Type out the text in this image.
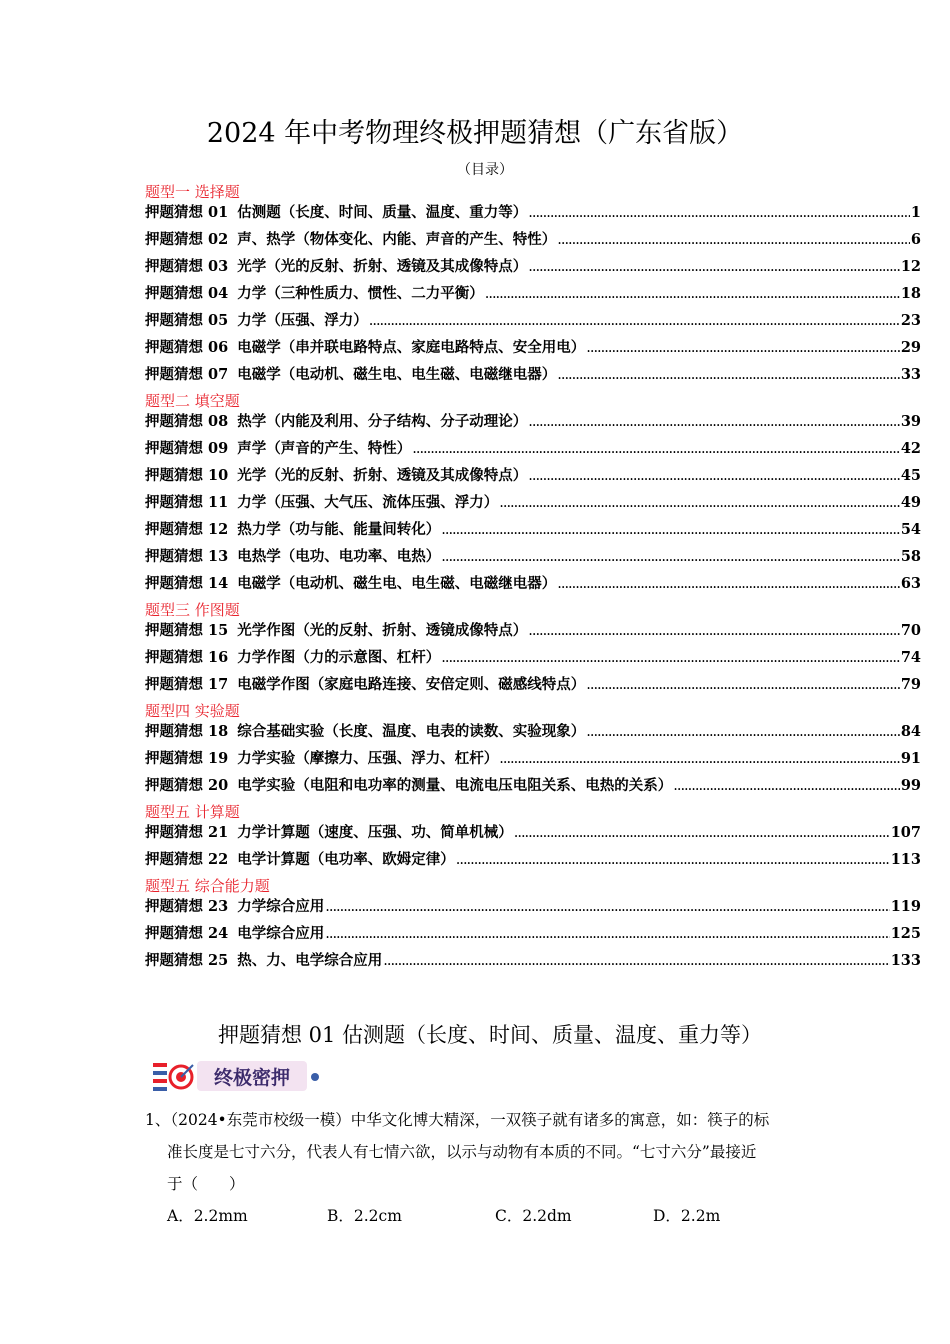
2024 年中考物理终极押题猜想（广东省版）
（目录）
题型一 选择题
押题猜想 01 估测题（长度、时间、质量、温度、重力等） .....	1
押题猜想 02 声、热学（物体变化、内能、声音的产生、特性） .....	6
押题猜想 03 光学（光的反射、折射、透镜及其成像特点） .....	12
押题猜想 04 力学（三种性质力、惯性、二力平衡） .....	18
押题猜想 05 力学（压强、浮力） .....	23
押题猜想 06 电磁学（串并联电路特点、家庭电路特点、安全用电） .....	29
押题猜想 07 电磁学（电动机、磁生电、电生磁、电磁继电器） .....	33
题型二 填空题
押题猜想 08 热学（内能及利用、分子结构、分子动理论） .....	39
押题猜想 09 声学（声音的产生、特性） .....	42
押题猜想 10 光学（光的反射、折射、透镜及其成像特点） .....	45
押题猜想 11 力学（压强、大气压、流体压强、浮力） .....	49
押题猜想 12 热力学（功与能、能量间转化） .....	54
押题猜想 13 电热学（电功、电功率、电热） .....	58
押题猜想 14 电磁学（电动机、磁生电、电生磁、电磁继电器） .....	63
题型三 作图题
押题猜想 15 光学作图（光的反射、折射、透镜成像特点） .....	70
押题猜想 16 力学作图（力的示意图、杠杆） .....	74
押题猜想 17 电磁学作图（家庭电路连接、安倍定则、磁感线特点） .....	79
题型四 实验题
押题猜想 18 综合基础实验（长度、温度、电表的读数、实验现象） .....	84
押题猜想 19 力学实验（摩擦力、压强、浮力、杠杆） .....	91
押题猜想 20 电学实验（电阻和电功率的测量、电流电压电阻关系、电热的关系） .....	99
题型五 计算题
押题猜想 21 力学计算题（速度、压强、功、简单机械） .....	107
押题猜想 22 电学计算题（电功率、欧姆定律） .....	113
题型五 综合能力题
押题猜想 23 力学综合应用 .....	119
押题猜想 24 电学综合应用 .....	125
押题猜想 25 热、力、电学综合应用 .....	133
押题猜想 01 估测题（长度、时间、质量、温度、重力等）
终极密押
1、（2024•东莞市校级一模）中华文化博大精深，一双筷子就有诸多的寓意，如：筷子的标
准长度是七寸六分，代表人有七情六欲，以示与动物有本质的不同。“七寸六分”最接近
于（　　）
A．2.2mm	B．2.2cm	C．2.2dm	D．2.2m
